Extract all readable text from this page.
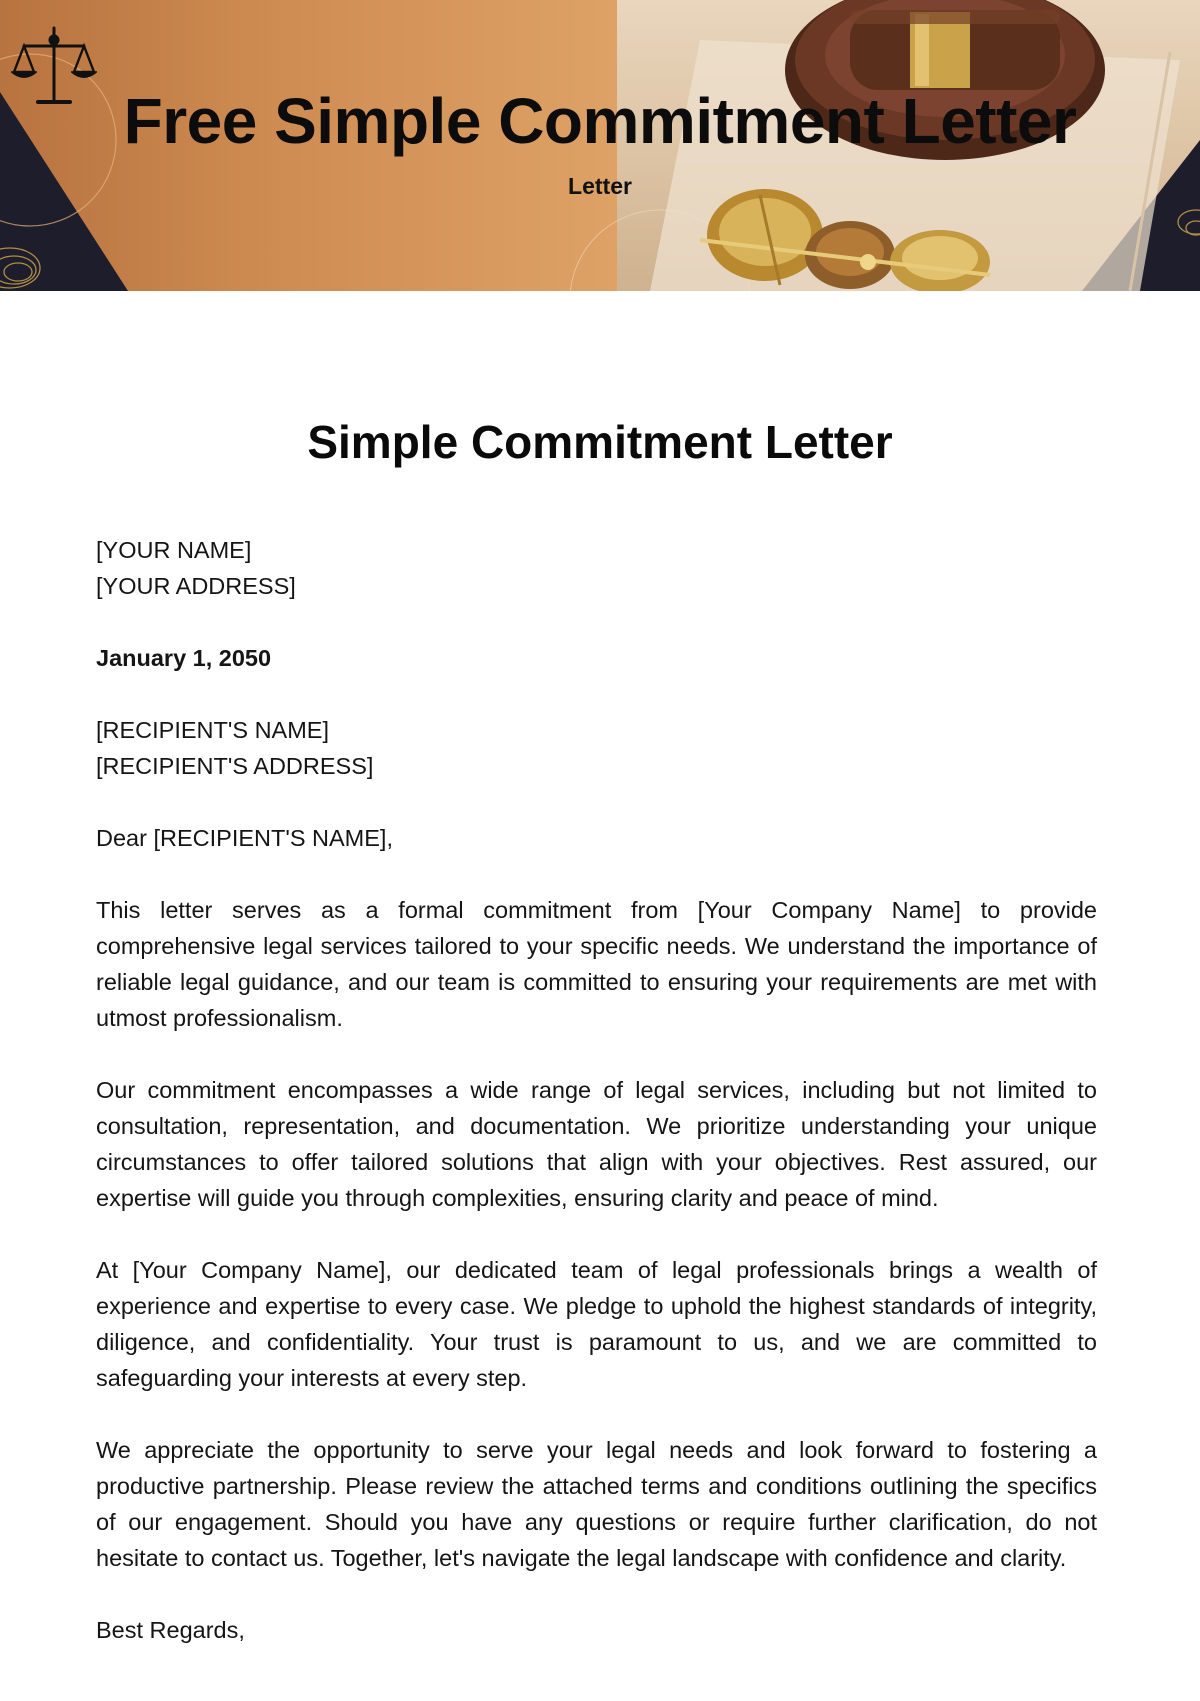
Free Simple Commitment Letter
Letter
Simple Commitment Letter

[YOUR NAME]
[YOUR ADDRESS]

January 1, 2050

[RECIPIENT'S NAME]
[RECIPIENT'S ADDRESS]

Dear [RECIPIENT'S NAME],

This letter serves as a formal commitment from [Your Company Name] to provide comprehensive legal services tailored to your specific needs. We understand the importance of reliable legal guidance, and our team is committed to ensuring your requirements are met with utmost professionalism.

Our commitment encompasses a wide range of legal services, including but not limited to consultation, representation, and documentation. We prioritize understanding your unique circumstances to offer tailored solutions that align with your objectives. Rest assured, our expertise will guide you through complexities, ensuring clarity and peace of mind.

At [Your Company Name], our dedicated team of legal professionals brings a wealth of experience and expertise to every case. We pledge to uphold the highest standards of integrity, diligence, and confidentiality. Your trust is paramount to us, and we are committed to safeguarding your interests at every step.

We appreciate the opportunity to serve your legal needs and look forward to fostering a productive partnership. Please review the attached terms and conditions outlining the specifics of our engagement. Should you have any questions or require further clarification, do not hesitate to contact us. Together, let's navigate the legal landscape with confidence and clarity.

Best Regards,
